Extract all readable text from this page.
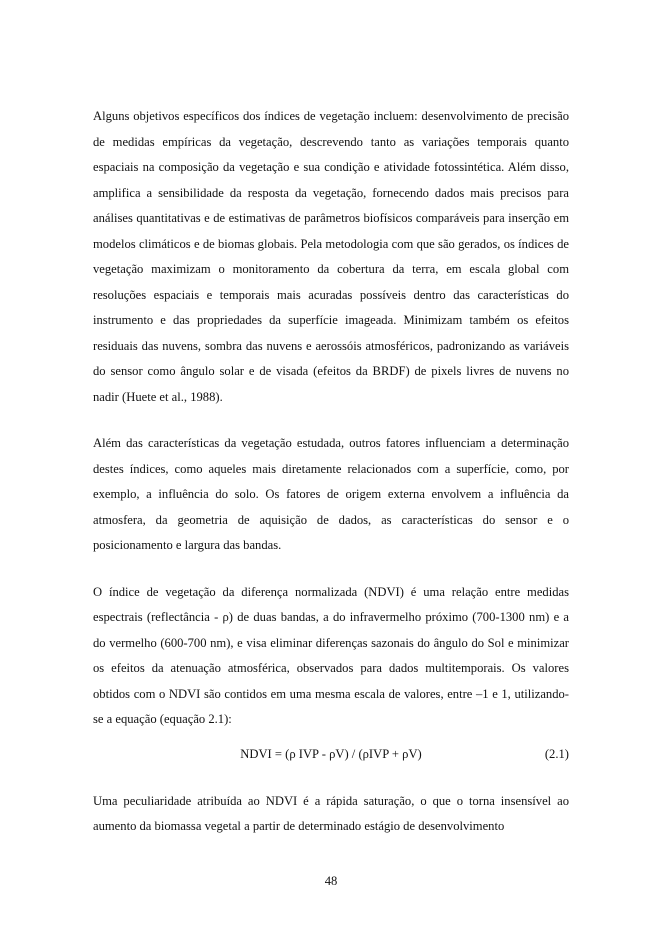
Alguns objetivos específicos dos índices de vegetação incluem: desenvolvimento de precisão de medidas empíricas da vegetação, descrevendo tanto as variações temporais quanto espaciais na composição da vegetação e sua condição e atividade fotossintética. Além disso, amplifica a sensibilidade da resposta da vegetação, fornecendo dados mais precisos para análises quantitativas e de estimativas de parâmetros biofísicos comparáveis para inserção em modelos climáticos e de biomas globais. Pela metodologia com que são gerados, os índices de vegetação maximizam o monitoramento da cobertura da terra, em escala global com resoluções espaciais e temporais mais acuradas possíveis dentro das características do instrumento e das propriedades da superfície imageada. Minimizam também os efeitos residuais das nuvens, sombra das nuvens e aerossóis atmosféricos, padronizando as variáveis do sensor como ângulo solar e de visada (efeitos da BRDF) de pixels livres de nuvens no nadir (Huete et al., 1988).

Além das características da vegetação estudada, outros fatores influenciam a determinação destes índices, como aqueles mais diretamente relacionados com a superfície, como, por exemplo, a influência do solo. Os fatores de origem externa envolvem a influência da atmosfera, da geometria de aquisição de dados, as características do sensor e o posicionamento e largura das bandas.

O índice de vegetação da diferença normalizada (NDVI) é uma relação entre medidas espectrais (reflectância - ρ) de duas bandas, a do infravermelho próximo (700-1300 nm) e a do vermelho (600-700 nm), e visa eliminar diferenças sazonais do ângulo do Sol e minimizar os efeitos da atenuação atmosférica, observados para dados multitemporais. Os valores obtidos com o NDVI são contidos em uma mesma escala de valores, entre –1 e 1, utilizando-se a equação (equação 2.1):

NDVI = (ρ IVP - ρV) / (ρIVP + ρV)	(2.1)

Uma peculiaridade atribuída ao NDVI é a rápida saturação, o que o torna insensível ao aumento da biomassa vegetal a partir de determinado estágio de desenvolvimento

48
